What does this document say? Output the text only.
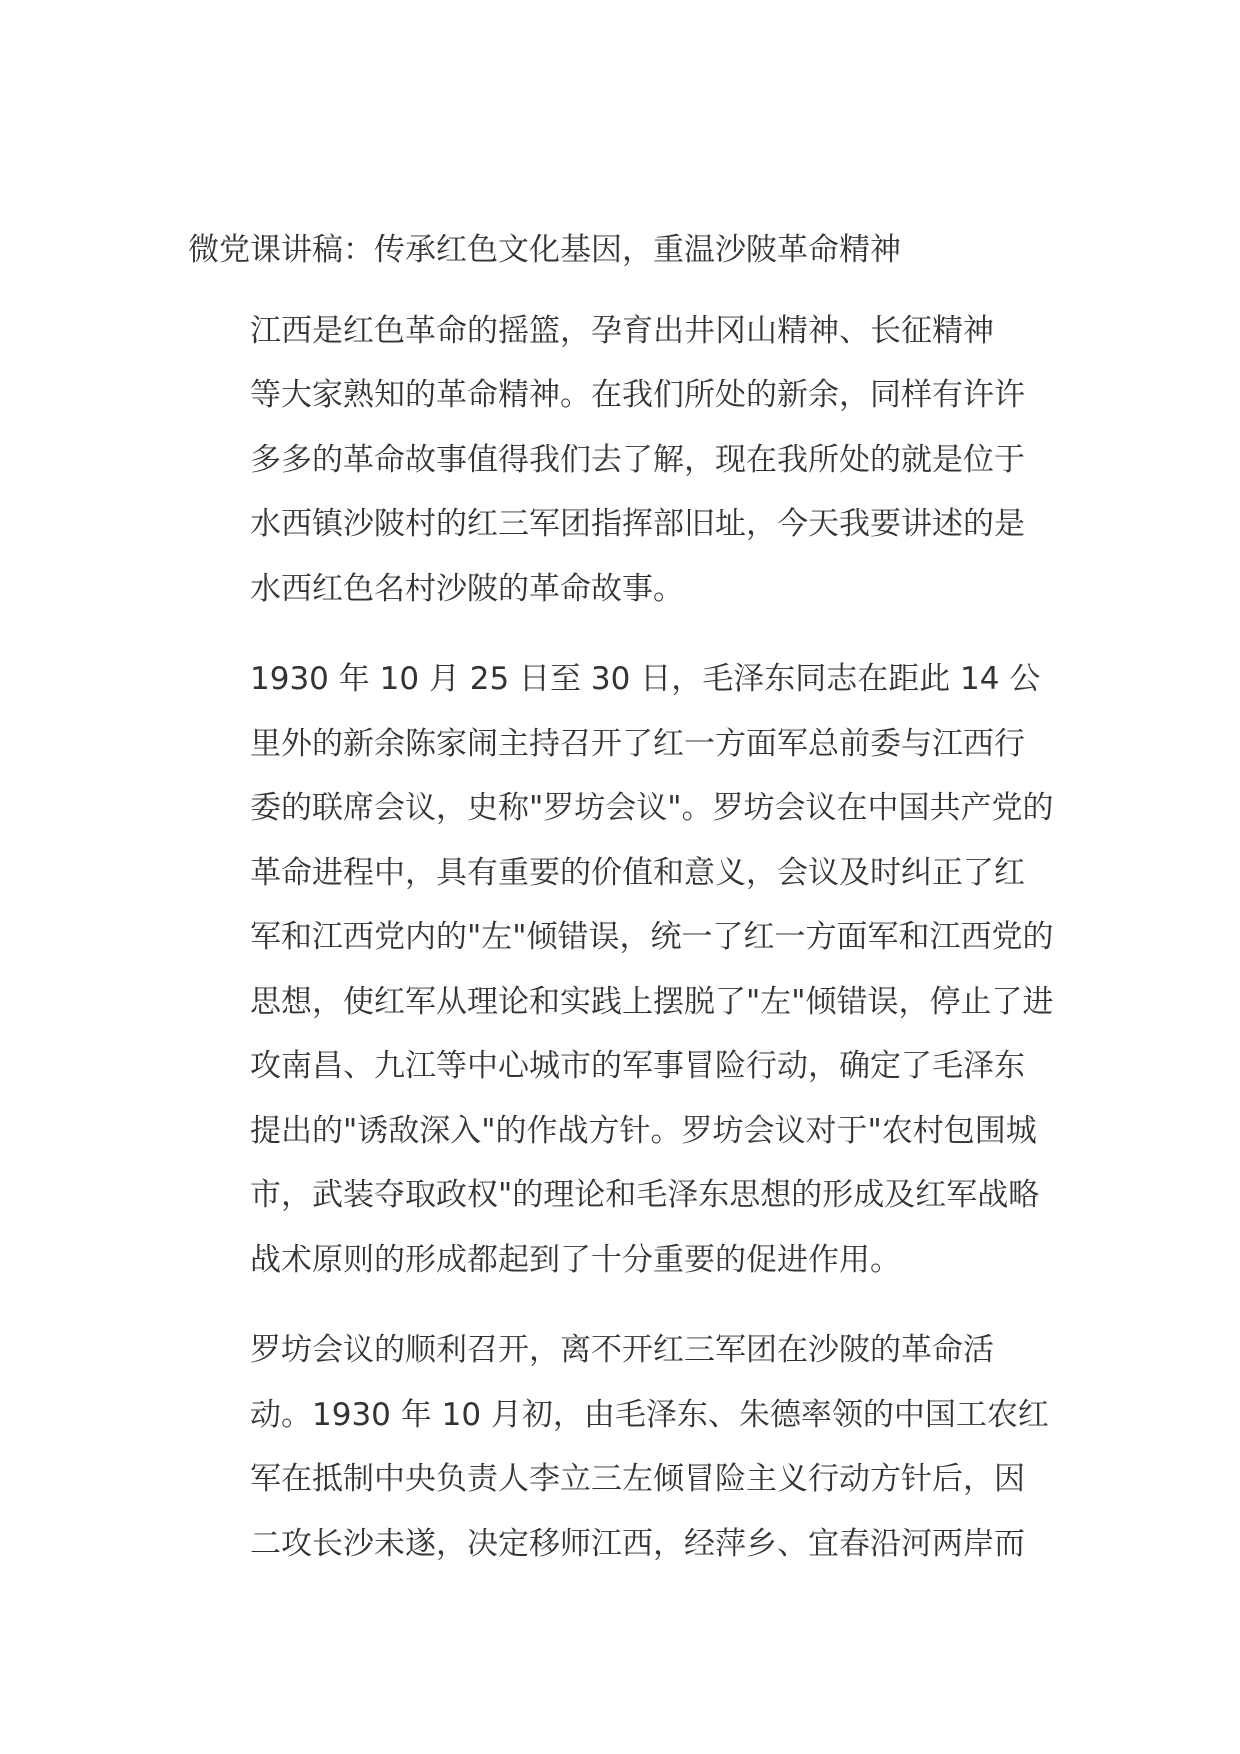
微党课讲稿：传承红色文化基因，重温沙陂革命精神

江西是红色革命的摇篮，孕育出井冈山精神、长征精神
等大家熟知的革命精神。在我们所处的新余，同样有许许
多多的革命故事值得我们去了解，现在我所处的就是位于
水西镇沙陂村的红三军团指挥部旧址，今天我要讲述的是
水西红色名村沙陂的革命故事。

1930 年 10 月 25 日至 30 日，毛泽东同志在距此 14 公
里外的新余陈家闹主持召开了红一方面军总前委与江西行
委的联席会议，史称"罗坊会议"。罗坊会议在中国共产党的
革命进程中，具有重要的价值和意义，会议及时纠正了红
军和江西党内的"左"倾错误，统一了红一方面军和江西党的
思想，使红军从理论和实践上摆脱了"左"倾错误，停止了进
攻南昌、九江等中心城市的军事冒险行动，确定了毛泽东
提出的"诱敌深入"的作战方针。罗坊会议对于"农村包围城
市，武装夺取政权"的理论和毛泽东思想的形成及红军战略
战术原则的形成都起到了十分重要的促进作用。

罗坊会议的顺利召开，离不开红三军团在沙陂的革命活
动。1930 年 10 月初，由毛泽东、朱德率领的中国工农红
军在抵制中央负责人李立三左倾冒险主义行动方针后，因
二攻长沙未遂，决定移师江西，经萍乡、宜春沿河两岸而
